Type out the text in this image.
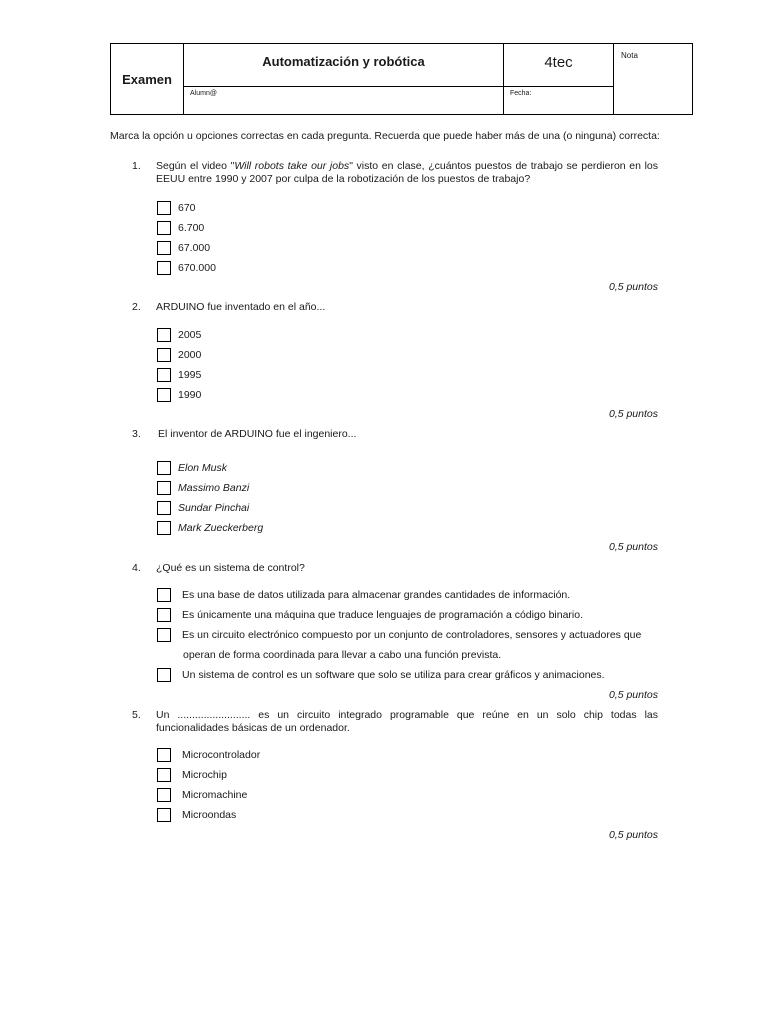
Examen
Automatización y robótica	4tec	Nota
Alumn@	Fecha:
Marca la opción u opciones correctas en cada pregunta. Recuerda que puede haber más de una (o ninguna) correcta:
1. Según el video "Will robots take our jobs" visto en clase, ¿cuántos puestos de trabajo se perdieron en los EEUU entre 1990 y 2007 por culpa de la robotización de los puestos de trabajo?
670
6.700
67.000
670.000
0,5 puntos
2. ARDUINO fue inventado en el año...
2005
2000
1995
1990
0,5 puntos
3. El inventor de ARDUINO fue el ingeniero...
Elon Musk
Massimo Banzi
Sundar Pinchai
Mark Zueckerberg
0,5 puntos
4. ¿Qué es un sistema de control?
Es una base de datos utilizada para almacenar grandes cantidades de información.
Es únicamente una máquina que traduce lenguajes de programación a código binario.
Es un circuito electrónico compuesto por un conjunto de controladores, sensores y actuadores que
operan de forma coordinada para llevar a cabo una función prevista.
Un sistema de control es un software que solo se utiliza para crear gráficos y animaciones.
0,5 puntos
5. Un ......................... es un circuito integrado programable que reúne en un solo chip todas las funcionalidades básicas de un ordenador.
Microcontrolador
Microchip
Micromachine
Microondas
0,5 puntos
